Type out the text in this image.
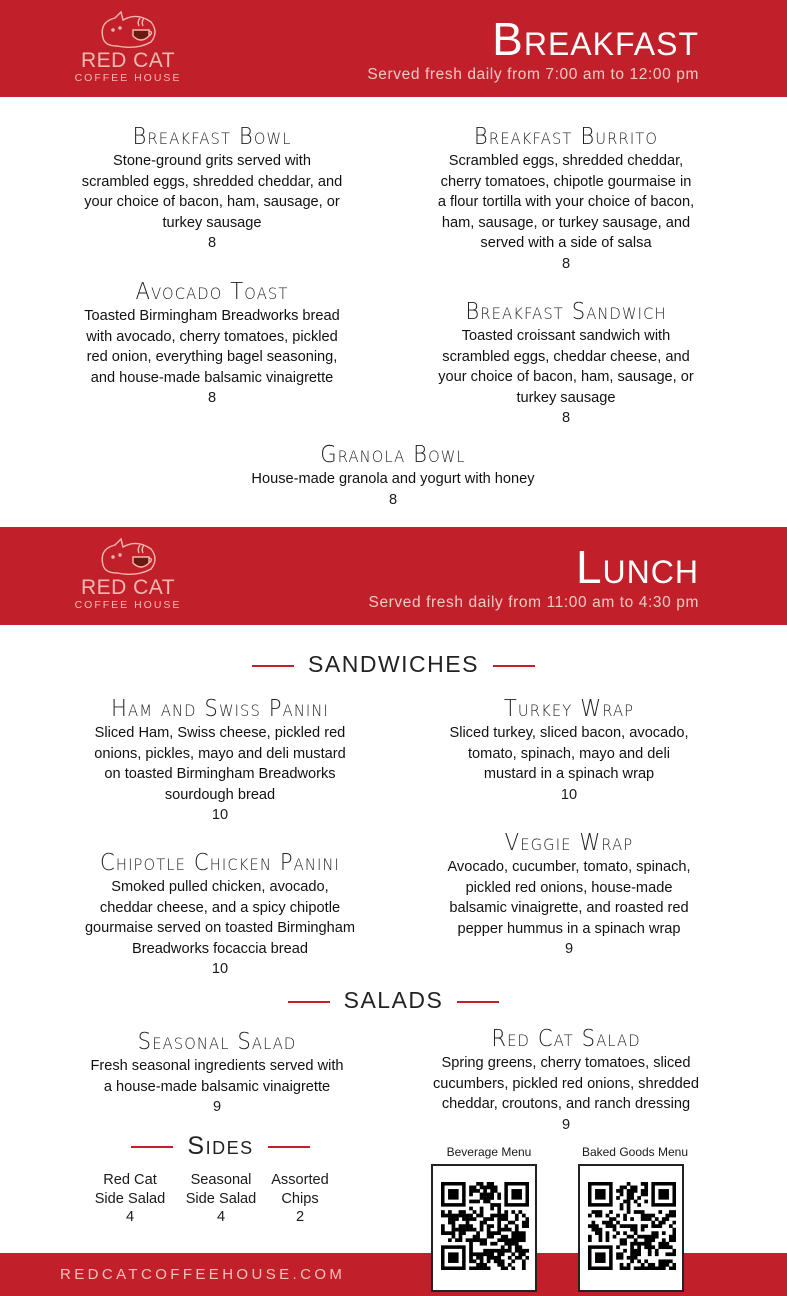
RED CAT
COFFEE HOUSE
Breakfast
Served fresh daily from 7:00 am to 12:00 pm
Breakfast Bowl
Stone-ground grits served with
scrambled eggs, shredded cheddar, and
your choice of bacon, ham, sausage, or
turkey sausage
8
Breakfast Burrito
Scrambled eggs, shredded cheddar,
cherry tomatoes, chipotle gourmaise in
a flour tortilla with your choice of bacon,
ham, sausage, or turkey sausage, and
served with a side of salsa
8
Avocado Toast
Toasted Birmingham Breadworks bread
with avocado, cherry tomatoes, pickled
red onion, everything bagel seasoning,
and house-made balsamic vinaigrette
8
Breakfast Sandwich
Toasted croissant sandwich with
scrambled eggs, cheddar cheese, and
your choice of bacon, ham, sausage, or
turkey sausage
8
Granola Bowl
House-made granola and yogurt with honey
8
RED CAT
COFFEE HOUSE
Lunch
Served fresh daily from 11:00 am to 4:30 pm
SANDWICHES
SALADS
Sides
Ham and Swiss Panini
Sliced Ham, Swiss cheese, pickled red
onions, pickles, mayo and deli mustard
on toasted Birmingham Breadworks
sourdough bread
10
Turkey Wrap
Sliced turkey, sliced bacon, avocado,
tomato, spinach, mayo and deli
mustard in a spinach wrap
10
Chipotle Chicken Panini
Smoked pulled chicken, avocado,
cheddar cheese, and a spicy chipotle
gourmaise served on toasted Birmingham
Breadworks focaccia bread
10
Veggie Wrap
Avocado, cucumber, tomato, spinach,
pickled red onions, house-made
balsamic vinaigrette, and roasted red
pepper hummus in a spinach wrap
9
Seasonal Salad
Fresh seasonal ingredients served with
a house-made balsamic vinaigrette
9
Red Cat Salad
Spring greens, cherry tomatoes, sliced
cucumbers, pickled red onions, shredded
cheddar, croutons, and ranch dressing
9
Red Cat
Side Salad
4
Seasonal
Side Salad
4
Assorted
Chips
2
REDCATCOFFEEHOUSE.COM
Beverage Menu	Baked Goods Menu
